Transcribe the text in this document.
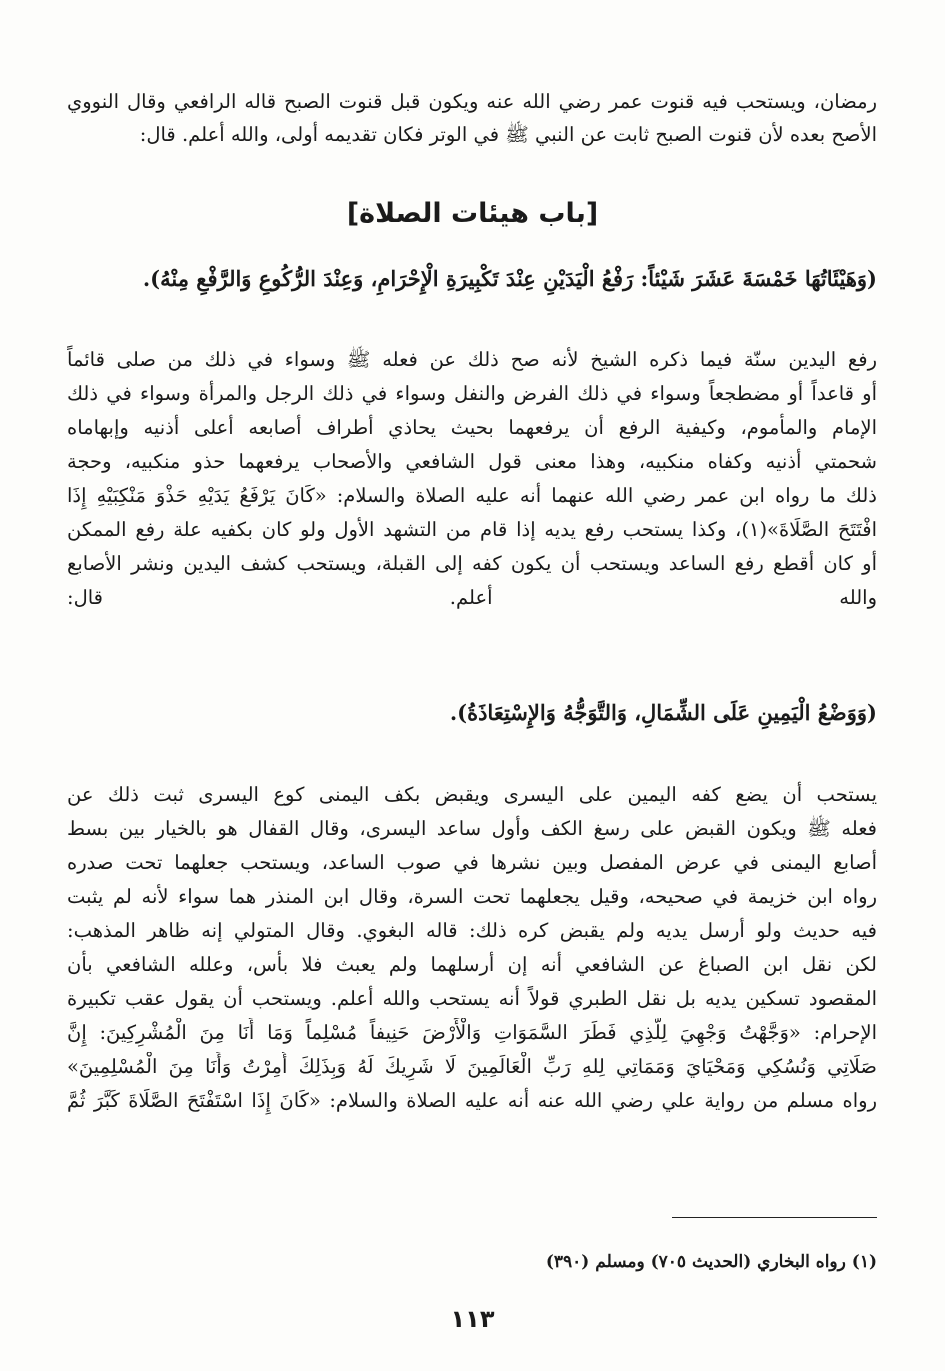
رمضان، ويستحب فيه قنوت عمر رضي الله عنه ويكون قبل قنوت الصبح قاله الرافعي وقال النووي
الأصح بعده لأن قنوت الصبح ثابت عن النبي ﷺ في الوتر فكان تقديمه أولى، والله أعلم. قال:
[باب هيئات الصلاة]
(وَهَيْئَاتُهَا خَمْسَةَ عَشَرَ شَيْئاً: رَفْعُ الْيَدَيْنِ عِنْدَ تَكْبِيرَةِ الْإِحْرَامِ، وَعِنْدَ الرُّكُوعِ وَالرَّفْعِ مِنْهُ).
رفع اليدين سنّة فيما ذكره الشيخ لأنه صح ذلك عن فعله ﷺ وسواء في ذلك من صلى قائماً
أو قاعداً أو مضطجعاً وسواء في ذلك الفرض والنفل وسواء في ذلك الرجل والمرأة وسواء في ذلك
الإمام والمأموم، وكيفية الرفع أن يرفعهما بحيث يحاذي أطراف أصابعه أعلى أذنيه وإبهاماه
شحمتي أذنيه وكفاه منكبيه، وهذا معنى قول الشافعي والأصحاب يرفعهما حذو منكبيه، وحجة
ذلك ما رواه ابن عمر رضي الله عنهما أنه عليه الصلاة والسلام: «كَانَ يَرْفَعُ يَدَيْهِ حَذْوَ مَنْكِبَيْهِ إِذَا
افْتَتَحَ الصَّلَاةَ»(١)، وكذا يستحب رفع يديه إذا قام من التشهد الأول ولو كان بكفيه علة رفع الممكن
أو كان أقطع رفع الساعد ويستحب أن يكون كفه إلى القبلة، ويستحب كشف اليدين ونشر الأصابع
والله أعلم. قال:
(وَوَضْعُ الْيَمِينِ عَلَى الشِّمَالِ، وَالتَّوَجُّهُ وَالإِسْتِعَاذَةُ).
يستحب أن يضع كفه اليمين على اليسرى ويقبض بكف اليمنى كوع اليسرى ثبت ذلك عن
فعله ﷺ ويكون القبض على رسغ الكف وأول ساعد اليسرى، وقال القفال هو بالخيار بين بسط
أصابع اليمنى في عرض المفصل وبين نشرها في صوب الساعد، ويستحب جعلهما تحت صدره
رواه ابن خزيمة في صحيحه، وقيل يجعلهما تحت السرة، وقال ابن المنذر هما سواء لأنه لم يثبت
فيه حديث ولو أرسل يديه ولم يقبض كره ذلك: قاله البغوي. وقال المتولي إنه ظاهر المذهب:
لكن نقل ابن الصباغ عن الشافعي أنه إن أرسلهما ولم يعبث فلا بأس، وعلله الشافعي بأن
المقصود تسكين يديه بل نقل الطبري قولاً أنه يستحب والله أعلم. ويستحب أن يقول عقب تكبيرة
الإحرام: «وَجَّهْتُ وَجْهِيَ لِلَّذِي فَطَرَ السَّمَوَاتِ وَالْأَرْضَ حَنِيفاً مُسْلِماً وَمَا أَنَا مِنَ الْمُشْرِكِينَ: إِنَّ
صَلَاتِي وَنُسُكِي وَمَحْيَايَ وَمَمَاتِي لِلهِ رَبِّ الْعَالَمِينَ لَا شَرِيكَ لَهُ وَبِذَلِكَ أُمِرْتُ وَأَنَا مِنَ الْمُسْلِمِينَ»
رواه مسلم من رواية علي رضي الله عنه أنه عليه الصلاة والسلام: «كَانَ إِذَا اسْتَفْتَحَ الصَّلَاةَ كَبَّرَ ثُمَّ
(١) رواه البخاري (الحديث ٧٠٥) ومسلم (٣٩٠)
١١٣
